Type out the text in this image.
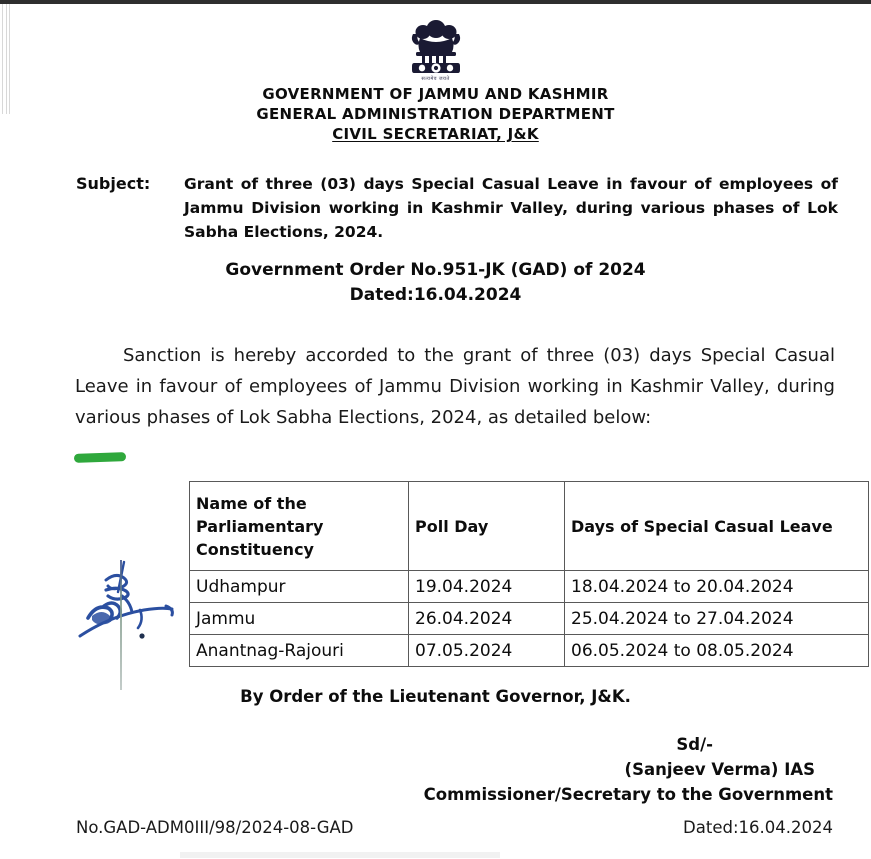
सत्यमेव जयते
GOVERNMENT OF JAMMU AND KASHMIR
GENERAL ADMINISTRATION DEPARTMENT
CIVIL SECRETARIAT, J&K
Subject:	Grant of three (03) days Special Casual Leave in favour of employees of Jammu Division working in Kashmir Valley, during various phases of Lok Sabha Elections, 2024.
Government Order No.951-JK (GAD) of 2024
Dated:16.04.2024
Sanction is hereby accorded to the grant of three (03) days Special Casual Leave in favour of employees of Jammu Division working in Kashmir Valley, during various phases of Lok Sabha Elections, 2024, as detailed below:
Name of the Parliamentary Constituency	Poll Day	Days of Special Casual Leave
Udhampur	19.04.2024	18.04.2024 to 20.04.2024
Jammu	26.04.2024	25.04.2024 to 27.04.2024
Anantnag-Rajouri	07.05.2024	06.05.2024 to 08.05.2024
By Order of the Lieutenant Governor, J&K.
Sd/-
(Sanjeev Verma) IAS
Commissioner/Secretary to the Government
No.GAD-ADM0III/98/2024-08-GAD	Dated:16.04.2024
